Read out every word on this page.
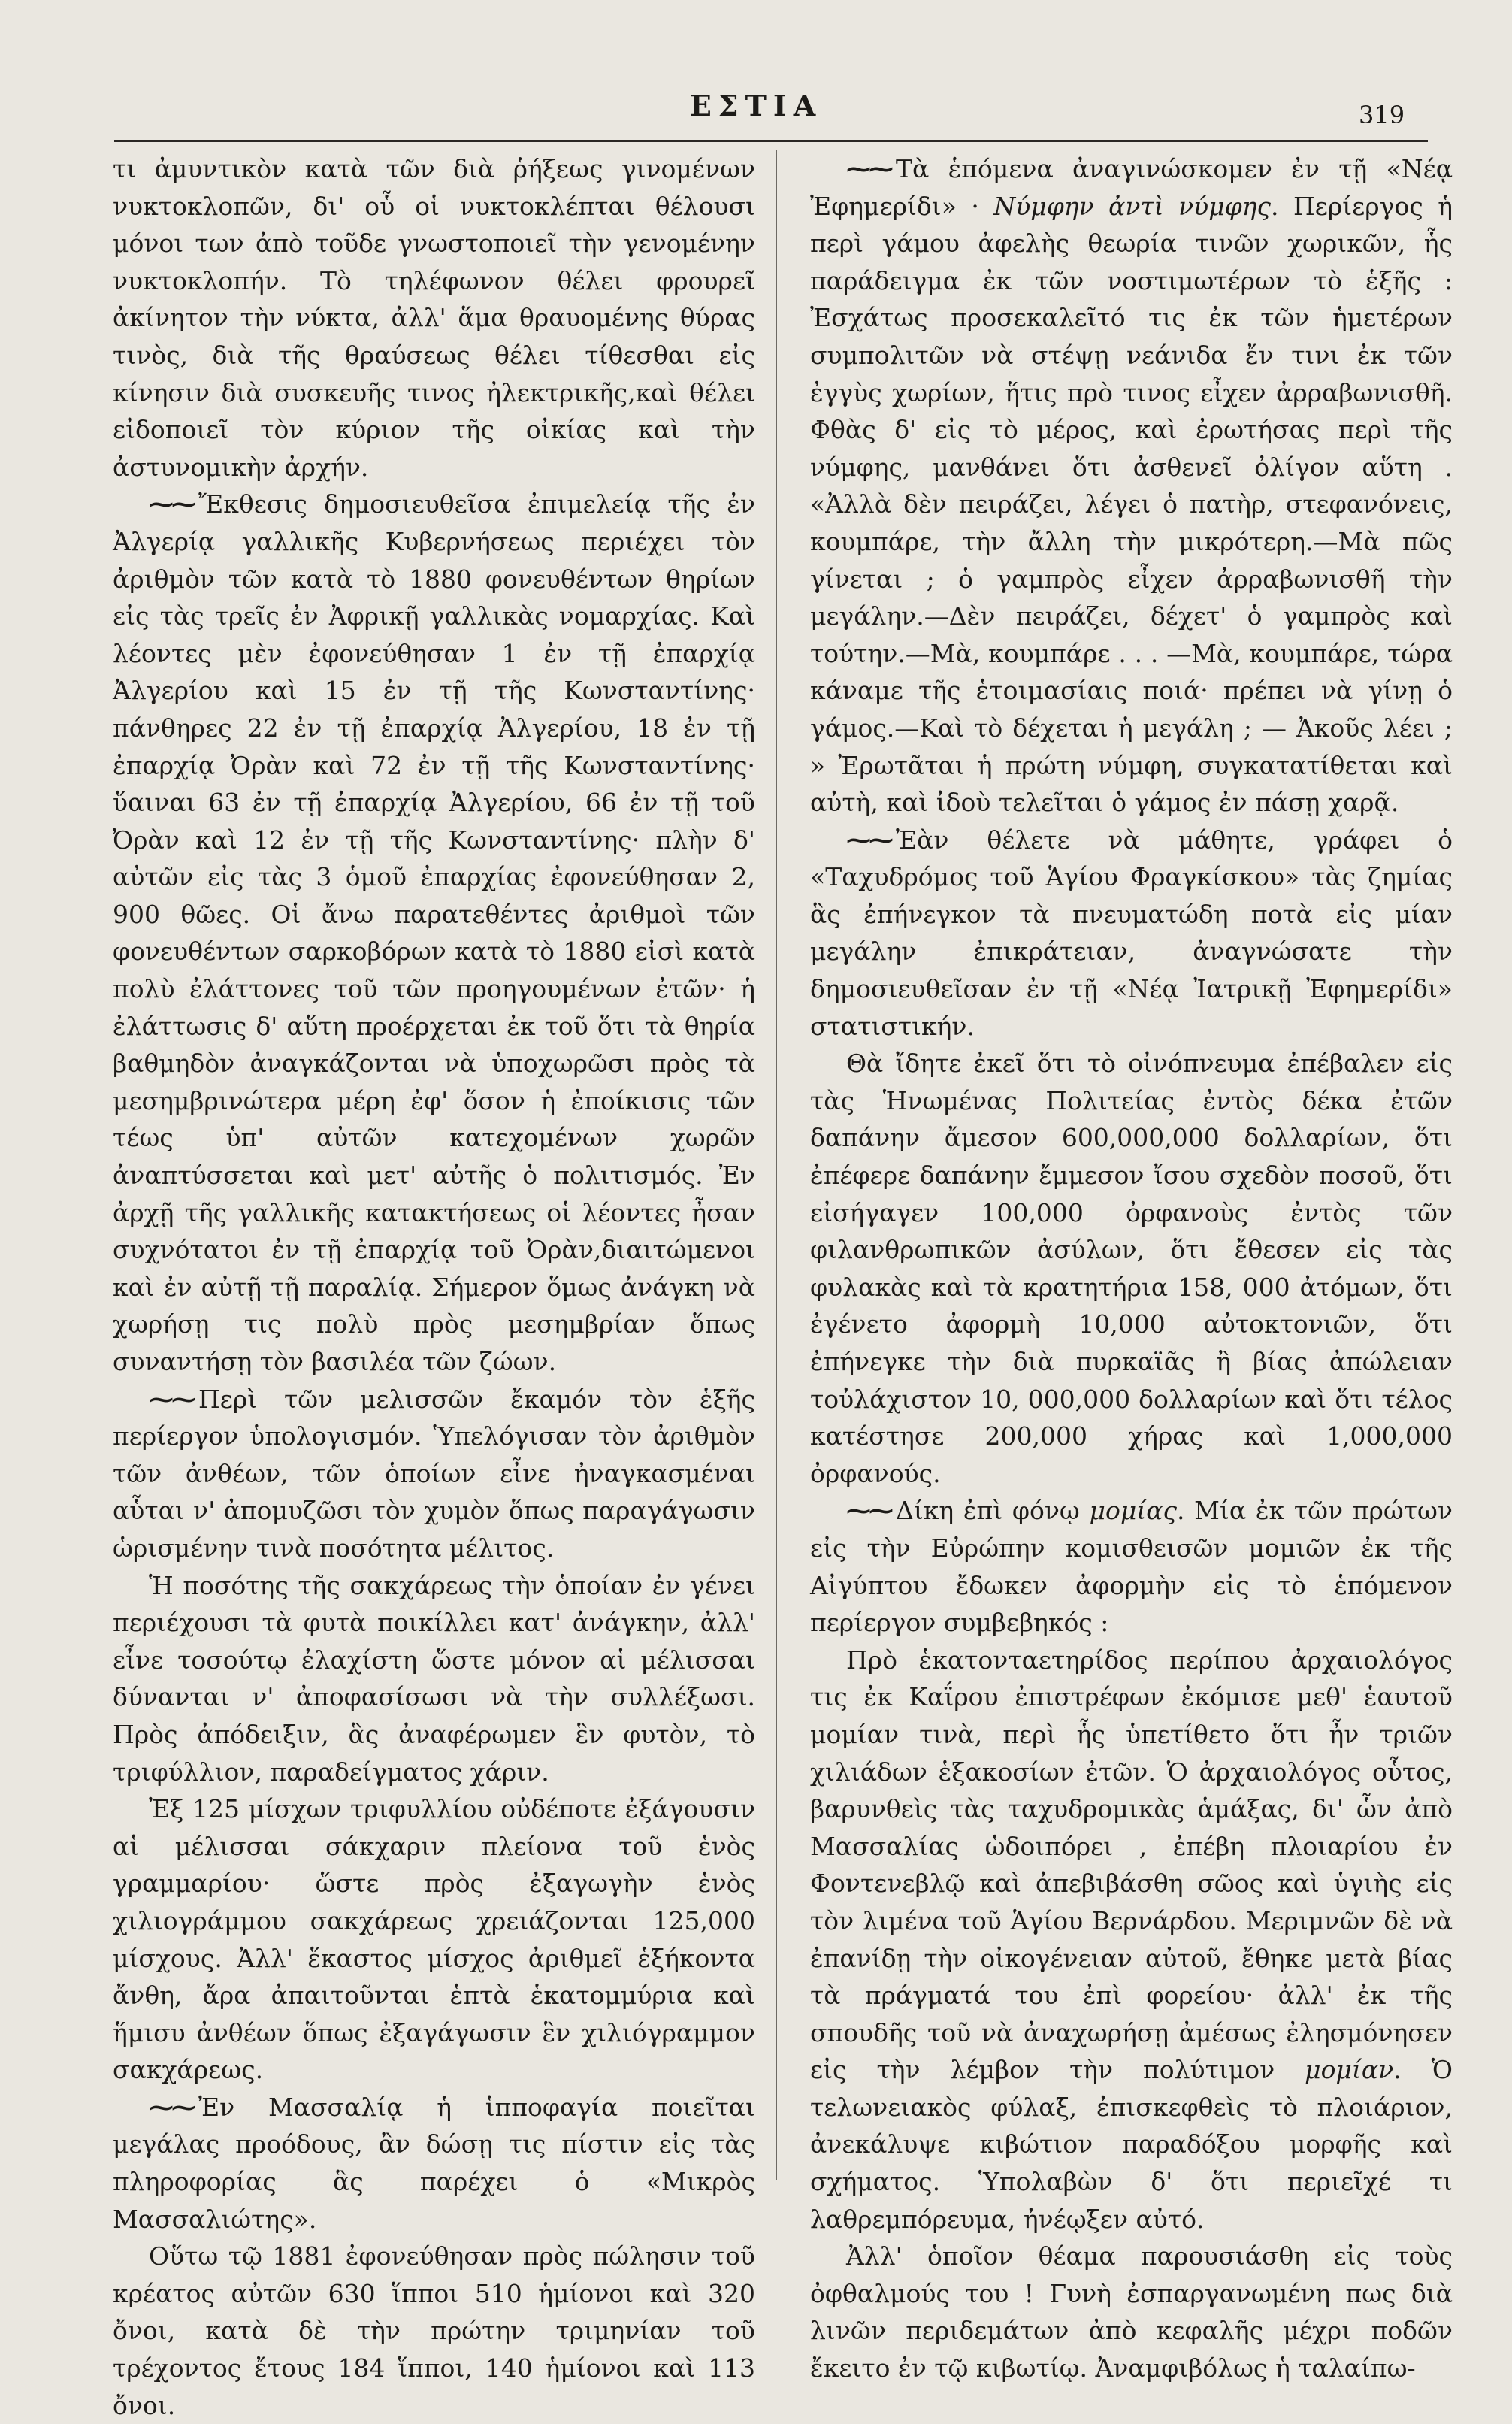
ΕΣΤΙΑ	319

τι ἀμυντικὸν κατὰ τῶν διὰ ῥήξεως γινομένων νυκτοκλοπῶν, δι' οὗ οἱ νυκτοκλέπται θέλουσι μόνοι των ἀπὸ τοῦδε γνωστοποιεῖ τὴν γενομένην νυκτοκλοπήν. Τὸ τηλέφωνον θέλει φρουρεῖ ἀκίνητον τὴν νύκτα, ἀλλ' ἅμα θραυομένης θύρας τινὸς, διὰ τῆς θραύσεως θέλει τίθεσθαι εἰς κίνησιν διὰ συσκευῆς τινος ἠλεκτρικῆς,καὶ θέλει εἰδοποιεῖ τὸν κύριον τῆς οἰκίας καὶ τὴν ἀστυνομικὴν ἀρχήν.

⁓⁓ Ἔκθεσις δημοσιευθεῖσα ἐπιμελείᾳ τῆς ἐν Ἀλγερίᾳ γαλλικῆς Κυβερνήσεως περιέχει τὸν ἀριθμὸν τῶν κατὰ τὸ 1880 φονευθέντων θηρίων εἰς τὰς τρεῖς ἐν Ἀφρικῇ γαλλικὰς νομαρχίας. Καὶ λέοντες μὲν ἐφονεύθησαν 1 ἐν τῇ ἐπαρχίᾳ Ἀλγερίου καὶ 15 ἐν τῇ τῆς Κωνσταντίνης· πάνθηρες 22 ἐν τῇ ἐπαρχίᾳ Ἀλγερίου, 18 ἐν τῇ ἐπαρχίᾳ Ὀρὰν καὶ 72 ἐν τῇ τῆς Κωνσταντίνης· ὕαιναι 63 ἐν τῇ ἐπαρχίᾳ Ἀλγερίου, 66 ἐν τῇ τοῦ Ὀρὰν καὶ 12 ἐν τῇ τῆς Κωνσταντίνης· πλὴν δ' αὐτῶν εἰς τὰς 3 ὁμοῦ ἐπαρχίας ἐφονεύθησαν 2, 900 θῶες. Οἱ ἄνω παρατεθέντες ἀριθμοὶ τῶν φονευθέντων σαρκοβόρων κατὰ τὸ 1880 εἰσὶ κατὰ πολὺ ἐλάττονες τοῦ τῶν προηγουμένων ἐτῶν· ἡ ἐλάττωσις δ' αὕτη προέρχεται ἐκ τοῦ ὅτι τὰ θηρία βαθμηδὸν ἀναγκάζονται νὰ ὑποχωρῶσι πρὸς τὰ μεσημβρινώτερα μέρη ἐφ' ὅσον ἡ ἐποίκισις τῶν τέως ὑπ' αὐτῶν κατεχομένων χωρῶν ἀναπτύσσεται καὶ μετ' αὐτῆς ὁ πολιτισμός. Ἐν ἀρχῇ τῆς γαλλικῆς κατακτήσεως οἱ λέοντες ἦσαν συχνότατοι ἐν τῇ ἐπαρχίᾳ τοῦ Ὀρὰν,διαιτώμενοι καὶ ἐν αὐτῇ τῇ παραλίᾳ. Σήμερον ὅμως ἀνάγκη νὰ χωρήσῃ τις πολὺ πρὸς μεσημβρίαν ὅπως συναντήσῃ τὸν βασιλέα τῶν ζώων.

⁓⁓ Περὶ τῶν μελισσῶν ἔκαμόν τὸν ἑξῆς περίεργον ὑπολογισμόν. Ὑπελόγισαν τὸν ἀριθμὸν τῶν ἀνθέων, τῶν ὁποίων εἶνε ἠναγκασμέναι αὗται ν' ἀπομυζῶσι τὸν χυμὸν ὅπως παραγάγωσιν ὡρισμένην τινὰ ποσότητα μέλιτος.

Ἡ ποσότης τῆς σακχάρεως τὴν ὁποίαν ἐν γένει περιέχουσι τὰ φυτὰ ποικίλλει κατ' ἀνάγκην, ἀλλ' εἶνε τοσούτῳ ἐλαχίστη ὥστε μόνον αἱ μέλισσαι δύνανται ν' ἀποφασίσωσι νὰ τὴν συλλέξωσι. Πρὸς ἀπόδειξιν, ἃς ἀναφέρωμεν ἓν φυτὸν, τὸ τριφύλλιον, παραδείγματος χάριν.

Ἐξ 125 μίσχων τριφυλλίου οὐδέποτε ἐξάγουσιν αἱ μέλισσαι σάκχαριν πλείονα τοῦ ἑνὸς γραμμαρίου· ὥστε πρὸς ἐξαγωγὴν ἑνὸς χιλιογράμμου σακχάρεως χρειάζονται 125,000 μίσχους. Ἀλλ' ἕκαστος μίσχος ἀριθμεῖ ἑξήκοντα ἄνθη, ἄρα ἀπαιτοῦνται ἑπτὰ ἑκατομμύρια καὶ ἥμισυ ἀνθέων ὅπως ἐξαγάγωσιν ἓν χιλιόγραμμον σακχάρεως.

⁓⁓ Ἐν Μασσαλίᾳ ἡ ἱπποφαγία ποιεῖται μεγάλας προόδους, ἂν δώσῃ τις πίστιν εἰς τὰς πληροφορίας ἃς παρέχει ὁ «Μικρὸς Μασσαλιώτης».

Οὕτω τῷ 1881 ἐφονεύθησαν πρὸς πώλησιν τοῦ κρέατος αὐτῶν 630 ἵπποι 510 ἡμίονοι καὶ 320 ὄνοι, κατὰ δὲ τὴν πρώτην τριμηνίαν τοῦ τρέχοντος ἔτους 184 ἵπποι, 140 ἡμίονοι καὶ 113 ὄνοι.

⁓⁓ Τὰ ἑπόμενα ἀναγινώσκομεν ἐν τῇ «Νέᾳ Ἐφημερίδι» · Νύμφην ἀντὶ νύμφης. Περίεργος ἡ περὶ γάμου ἀφελὴς θεωρία τινῶν χωρικῶν, ἧς παράδειγμα ἐκ τῶν νοστιμωτέρων τὸ ἑξῆς : Ἐσχάτως προσεκαλεῖτό τις ἐκ τῶν ἡμετέρων συμπολιτῶν νὰ στέψῃ νεάνιδα ἔν τινι ἐκ τῶν ἐγγὺς χωρίων, ἥτις πρὸ τινος εἶχεν ἀρραβωνισθῆ. Φθὰς δ' εἰς τὸ μέρος, καὶ ἐρωτήσας περὶ τῆς νύμφης, μανθάνει ὅτι ἀσθενεῖ ὀλίγον αὕτη . «Ἀλλὰ δὲν πειράζει, λέγει ὁ πατὴρ, στεφανόνεις, κουμπάρε, τὴν ἄλλη τὴν μικρότερη.—Μὰ πῶς γίνεται ; ὁ γαμπρὸς εἶχεν ἀρραβωνισθῆ τὴν μεγάλην.—Δὲν πειράζει, δέχετ' ὁ γαμπρὸς καὶ τούτην.—Μὰ, κουμπάρε . . . —Μὰ, κουμπάρε, τώρα κάναμε τῆς ἑτοιμασίαις ποιά· πρέπει νὰ γίνῃ ὁ γάμος.—Καὶ τὸ δέχεται ἡ μεγάλη ; — Ἀκοῦς λέει ; » Ἐρωτᾶται ἡ πρώτη νύμφη, συγκατατίθεται καὶ αὐτὴ, καὶ ἰδοὺ τελεῖται ὁ γάμος ἐν πάσῃ χαρᾷ.

⁓⁓ Ἐὰν θέλετε νὰ μάθητε, γράφει ὁ «Ταχυδρόμος τοῦ Ἁγίου Φραγκίσκου» τὰς ζημίας ἃς ἐπήνεγκον τὰ πνευματώδη ποτὰ εἰς μίαν μεγάλην ἐπικράτειαν, ἀναγνώσατε τὴν δημοσιευθεῖσαν ἐν τῇ «Νέᾳ Ἰατρικῇ Ἐφημερίδι» στατιστικήν.

Θὰ ἴδητε ἐκεῖ ὅτι τὸ οἰνόπνευμα ἐπέβαλεν εἰς τὰς Ἡνωμένας Πολιτείας ἐντὸς δέκα ἐτῶν δαπάνην ἄμεσον 600,000,000 δολλαρίων, ὅτι ἐπέφερε δαπάνην ἔμμεσον ἴσου σχεδὸν ποσοῦ, ὅτι εἰσήγαγεν 100,000 ὀρφανοὺς ἐντὸς τῶν φιλανθρωπικῶν ἀσύλων, ὅτι ἔθεσεν εἰς τὰς φυλακὰς καὶ τὰ κρατητήρια 158, 000 ἀτόμων, ὅτι ἐγένετο ἀφορμὴ 10,000 αὐτοκτονιῶν, ὅτι ἐπήνεγκε τὴν διὰ πυρκαϊᾶς ἢ βίας ἀπώλειαν τοὐλάχιστον 10, 000,000 δολλαρίων καὶ ὅτι τέλος κατέστησε 200,000 χήρας καὶ 1,000,000 ὀρφανούς.

⁓⁓ Δίκη ἐπὶ φόνῳ μομίας. Μία ἐκ τῶν πρώτων εἰς τὴν Εὐρώπην κομισθεισῶν μομιῶν ἐκ τῆς Αἰγύπτου ἔδωκεν ἀφορμὴν εἰς τὸ ἑπόμενον περίεργον συμβεβηκός :

Πρὸ ἑκατονταετηρίδος περίπου ἀρχαιολόγος τις ἐκ Καΐρου ἐπιστρέφων ἐκόμισε μεθ' ἑαυτοῦ μομίαν τινὰ, περὶ ἧς ὑπετίθετο ὅτι ἦν τριῶν χιλιάδων ἑξακοσίων ἐτῶν. Ὁ ἀρχαιολόγος οὗτος, βαρυνθεὶς τὰς ταχυδρομικὰς ἁμάξας, δι' ὧν ἀπὸ Μασσαλίας ὡδοιπόρει , ἐπέβη πλοιαρίου ἐν Φοντενεβλῷ καὶ ἀπεβιβάσθη σῶος καὶ ὑγιὴς εἰς τὸν λιμένα τοῦ Ἁγίου Βερνάρδου. Μεριμνῶν δὲ νὰ ἐπανίδῃ τὴν οἰκογένειαν αὐτοῦ, ἔθηκε μετὰ βίας τὰ πράγματά του ἐπὶ φορείου· ἀλλ' ἐκ τῆς σπουδῆς τοῦ νὰ ἀναχωρήσῃ ἀμέσως ἐλησμόνησεν εἰς τὴν λέμβον τὴν πολύτιμον μομίαν. Ὁ τελωνειακὸς φύλαξ, ἐπισκεφθεὶς τὸ πλοιάριον, ἀνεκάλυψε κιβώτιον παραδόξου μορφῆς καὶ σχήματος. Ὑπολαβὼν δ' ὅτι περιεῖχέ τι λαθρεμπόρευμα, ἠνέῳξεν αὐτό.

Ἀλλ' ὁποῖον θέαμα παρουσιάσθη εἰς τοὺς ὀφθαλμούς του ! Γυνὴ ἐσπαργανωμένη πως διὰ λινῶν περιδεμάτων ἀπὸ κεφαλῆς μέχρι ποδῶν ἔκειτο ἐν τῷ κιβωτίῳ. Ἀναμφιβόλως ἡ ταλαίπω-
